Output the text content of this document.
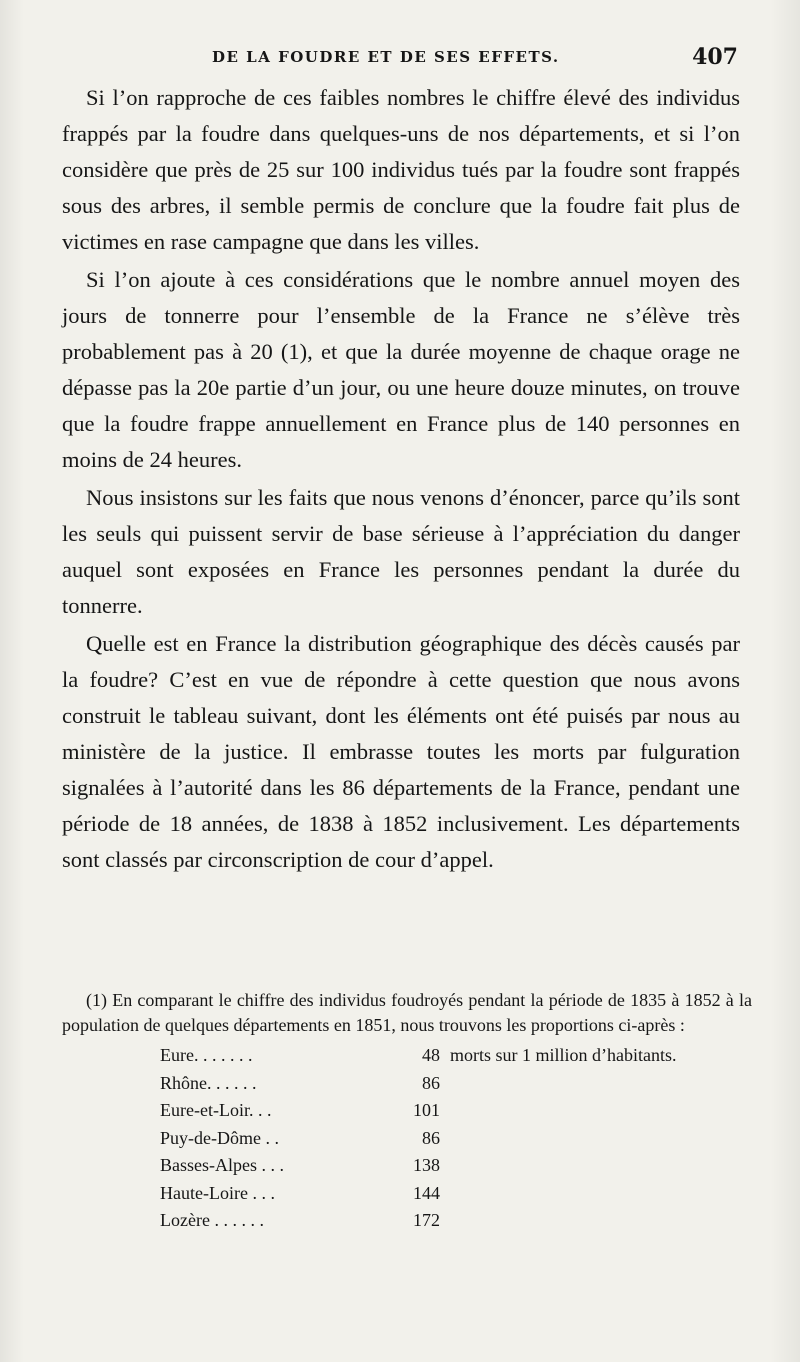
DE LA FOUDRE ET DE SES EFFETS.	407

Si l’on rapproche de ces faibles nombres le chiffre élevé des individus frappés par la foudre dans quelques-uns de nos départements, et si l’on considère que près de 25 sur 100 individus tués par la foudre sont frappés sous des arbres, il semble permis de conclure que la foudre fait plus de victimes en rase campagne que dans les villes.

Si l’on ajoute à ces considérations que le nombre annuel moyen des jours de tonnerre pour l’ensemble de la France ne s’élève très probablement pas à 20 (1), et que la durée moyenne de chaque orage ne dépasse pas la 20e partie d’un jour, ou une heure douze minutes, on trouve que la foudre frappe annuellement en France plus de 140 personnes en moins de 24 heures.

Nous insistons sur les faits que nous venons d’énoncer, parce qu’ils sont les seuls qui puissent servir de base sérieuse à l’appréciation du danger auquel sont exposées en France les personnes pendant la durée du tonnerre.

Quelle est en France la distribution géographique des décès causés par la foudre? C’est en vue de répondre à cette question que nous avons construit le tableau suivant, dont les éléments ont été puisés par nous au ministère de la justice. Il embrasse toutes les morts par fulguration signalées à l’autorité dans les 86 départements de la France, pendant une période de 18 années, de 1838 à 1852 inclusivement. Les départements sont classés par circonscription de cour d’appel.

(1) En comparant le chiffre des individus foudroyés pendant la période de 1835 à 1852 à la population de quelques départements en 1851, nous trouvons les proportions ci-après :

Eure. . . . . . .	48 morts sur 1 million d’habitants.
Rhône. . . . . .	86
Eure-et-Loir. . .	101
Puy-de-Dôme . .	86
Basses-Alpes . . .	138
Haute-Loire . . .	144
Lozère . . . . . .	172
